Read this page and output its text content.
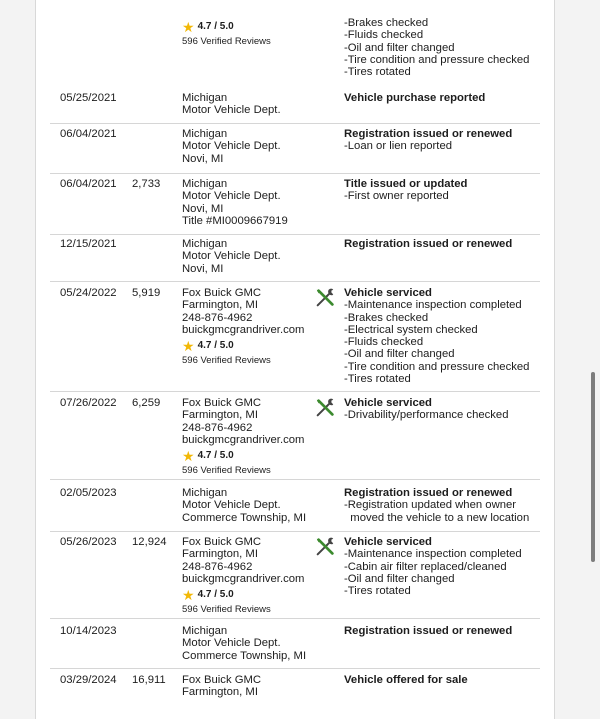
★ 4.7 / 5.0
596 Verified Reviews
-Brakes checked
-Fluids checked
-Oil and filter changed
-Tire condition and pressure checked
-Tires rotated
05/25/2021	Michigan
Motor Vehicle Dept.
Vehicle purchase reported
06/04/2021	Michigan
Motor Vehicle Dept.
Novi, MI
Registration issued or renewed
-Loan or lien reported
06/04/2021 2,733 Michigan
Motor Vehicle Dept.
Novi, MI
Title #MI0009667919
Title issued or updated
-First owner reported
12/15/2021	Michigan
Motor Vehicle Dept.
Novi, MI
Registration issued or renewed
05/24/2022 5,919 Fox Buick GMC
Farmington, MI
248-876-4962
buickgmcgrandriver.com
★ 4.7 / 5.0
596 Verified Reviews
Vehicle serviced
-Maintenance inspection completed
-Brakes checked
-Electrical system checked
-Fluids checked
-Oil and filter changed
-Tire condition and pressure checked
-Tires rotated
07/26/2022 6,259 Fox Buick GMC
Farmington, MI
248-876-4962
buickgmcgrandriver.com
★ 4.7 / 5.0
596 Verified Reviews
Vehicle serviced
-Drivability/performance checked
02/05/2023	Michigan
Motor Vehicle Dept.
Commerce Township, MI
Registration issued or renewed
-Registration updated when owner
moved the vehicle to a new location
05/26/2023 12,924 Fox Buick GMC
Farmington, MI
248-876-4962
buickgmcgrandriver.com
★ 4.7 / 5.0
596 Verified Reviews
Vehicle serviced
-Maintenance inspection completed
-Cabin air filter replaced/cleaned
-Oil and filter changed
-Tires rotated
10/14/2023	Michigan
Motor Vehicle Dept.
Commerce Township, MI
Registration issued or renewed
03/29/2024 16,911 Fox Buick GMC
Farmington, MI
Vehicle offered for sale
